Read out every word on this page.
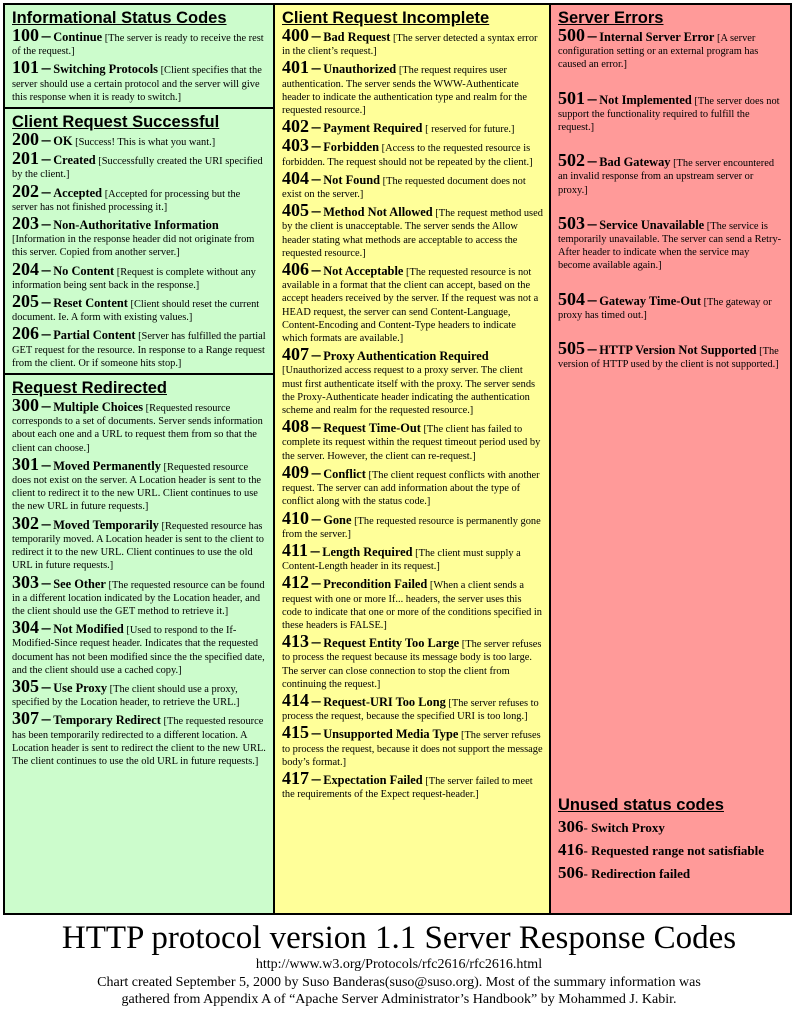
Informational Status Codes
100 – Continue [The server is ready to receive the rest of the request.]
101 – Switching Protocols [Client specifies that the server should use a certain protocol and the server will give this response when it is ready to switch.]
Client Request Successful
200 – OK [Success! This is what you want.]
201 – Created [Successfully created the URI specified by the client.]
202 – Accepted [Accepted for processing but the server has not finished processing it.]
203 – Non-Authoritative Information [Information in the response header did not originate from this server. Copied from another server.]
204 – No Content [Request is complete without any information being sent back in the response.]
205 – Reset Content [Client should reset the current document. Ie. A form with existing values.]
206 – Partial Content [Server has fulfilled the partial GET request for the resource. In response to a Range request from the client. Or if someone hits stop.]
Request Redirected
300 – Multiple Choices [Requested resource corresponds to a set of documents. Server sends information about each one and a URL to request them from so that the client can choose.]
301 – Moved Permanently [Requested resource does not exist on the server. A Location header is sent to the client to redirect it to the new URL. Client continues to use the new URL in future requests.]
302 – Moved Temporarily [Requested resource has temporarily moved. A Location header is sent to the client to redirect it to the new URL. Client continues to use the old URL in future requests.]
303 – See Other [The requested resource can be found in a different location indicated by the Location header, and the client should use the GET method to retrieve it.]
304 – Not Modified [Used to respond to the If-Modified-Since request header. Indicates that the requested document has not been modified since the the specified date, and the client should use a cached copy.]
305 – Use Proxy [The client should use a proxy, specified by the Location header, to retrieve the URL.]
307 – Temporary Redirect [The requested resource has been temporarily redirected to a different location. A Location header is sent to redirect the client to the new URL. The client continues to use the old URL in future requests.]
Client Request Incomplete
400 – Bad Request [The server detected a syntax error in the client’s request.]
401 – Unauthorized [The request requires user authentication. The server sends the WWW-Authenticate header to indicate the authentication type and realm for the requested resource.]
402 – Payment Required [ reserved for future.]
403 – Forbidden [Access to the requested resource is forbidden. The request should not be repeated by the client.]
404 – Not Found [The requested document does not exist on the server.]
405 – Method Not Allowed [The request method used by the client is unacceptable. The server sends the Allow header stating what methods are acceptable to access the requested resource.]
406 – Not Acceptable [The requested resource is not available in a format that the client can accept, based on the accept headers received by the server. If the request was not a HEAD request, the server can send Content-Language, Content-Encoding and Content-Type headers to indicate which formats are available.]
407 – Proxy Authentication Required [Unauthorized access request to a proxy server. The client must first authenticate itself with the proxy. The server sends the Proxy-Authenticate header indicating the authentication scheme and realm for the requested resource.]
408 – Request Time-Out [The client has failed to complete its request within the request timeout period used by the server. However, the client can re-request.]
409 – Conflict [The client request conflicts with another request. The server can add information about the type of conflict along with the status code.]
410 – Gone [The requested resource is permanently gone from the server.]
411 – Length Required [The client must supply a Content-Length header in its request.]
412 – Precondition Failed [When a client sends a request with one or more If... headers, the server uses this code to indicate that one or more of the conditions specified in these headers is FALSE.]
413 – Request Entity Too Large [The server refuses to process the request because its message body is too large. The server can close connection to stop the client from continuing the request.]
414 – Request-URI Too Long [The server refuses to process the request, because the specified URI is too long.]
415 – Unsupported Media Type [The server refuses to process the request, because it does not support the message body’s format.]
417 – Expectation Failed [The server failed to meet the requirements of the Expect request-header.]
Server Errors
500 – Internal Server Error [A server configuration setting or an external program has caused an error.]
501 – Not Implemented [The server does not support the functionality required to fulfill the request.]
502 – Bad Gateway [The server encountered an invalid response from an upstream server or proxy.]
503 – Service Unavailable [The service is temporarily unavailable. The server can send a Retry-After header to indicate when the service may become available again.]
504 – Gateway Time-Out [The gateway or proxy has timed out.]
505 – HTTP Version Not Supported [The version of HTTP used by the client is not supported.]
Unused status codes
306- Switch Proxy
416- Requested range not satisfiable
506- Redirection failed
HTTP protocol version 1.1 Server Response Codes
http://www.w3.org/Protocols/rfc2616/rfc2616.html
Chart created September 5, 2000 by Suso Banderas(suso@suso.org). Most of the summary information was
gathered from Appendix A of “Apache Server Administrator’s Handbook” by Mohammed J. Kabir.
